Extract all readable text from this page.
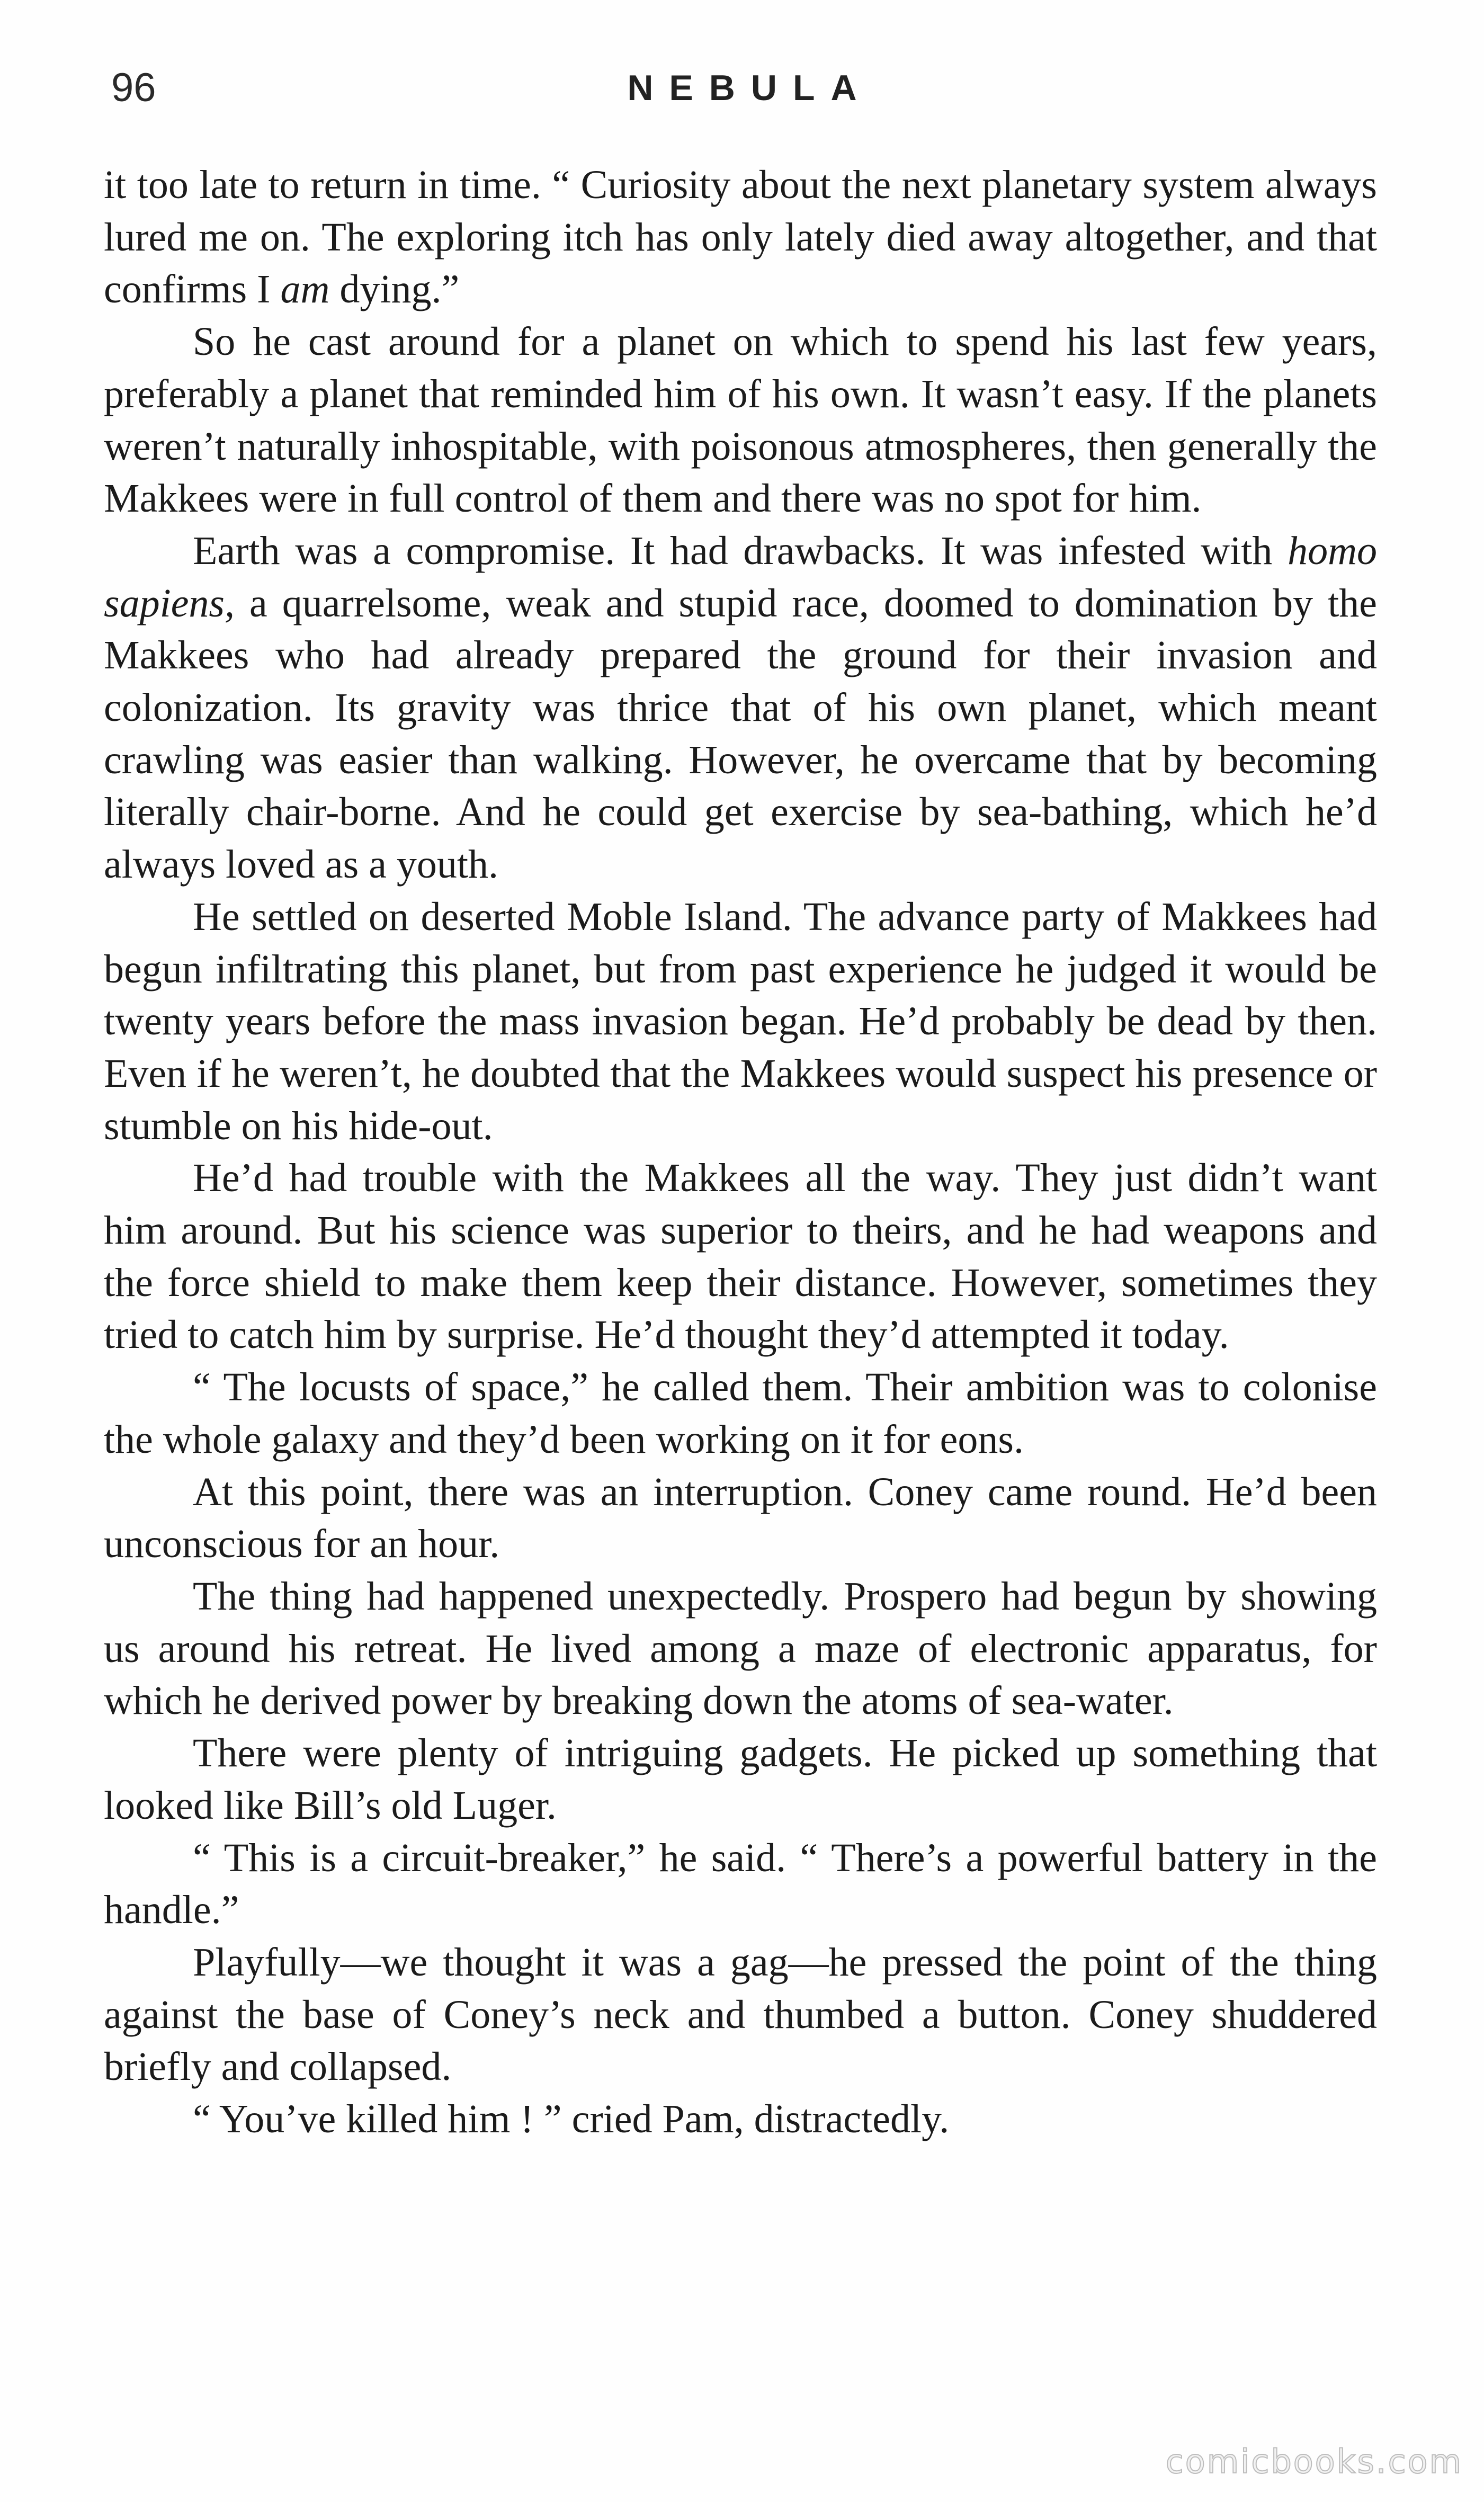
96	NEBULA

it too late to return in time. “ Curiosity about the next planetary system always lured me on. The exploring itch has only lately died away altogether, and that confirms I am dying.”

So he cast around for a planet on which to spend his last few years, preferably a planet that reminded him of his own. It wasn’t easy. If the planets weren’t naturally inhospitable, with poisonous atmospheres, then generally the Makkees were in full control of them and there was no spot for him.

Earth was a compromise. It had drawbacks. It was infested with homo sapiens, a quarrelsome, weak and stupid race, doomed to domination by the Makkees who had already prepared the ground for their invasion and colonization. Its gravity was thrice that of his own planet, which meant crawling was easier than walking. However, he overcame that by becoming literally chair-borne. And he could get exercise by sea-bathing, which he’d always loved as a youth.

He settled on deserted Moble Island. The advance party of Makkees had begun infiltrating this planet, but from past experience he judged it would be twenty years before the mass invasion began. He’d probably be dead by then. Even if he weren’t, he doubted that the Makkees would suspect his presence or stumble on his hide-out.

He’d had trouble with the Makkees all the way. They just didn’t want him around. But his science was superior to theirs, and he had weapons and the force shield to make them keep their distance. However, sometimes they tried to catch him by surprise. He’d thought they’d attempted it today.

“ The locusts of space,” he called them. Their ambition was to colonise the whole galaxy and they’d been working on it for eons.

At this point, there was an interruption. Coney came round. He’d been unconscious for an hour.

The thing had happened unexpectedly. Prospero had begun by showing us around his retreat. He lived among a maze of electronic apparatus, for which he derived power by breaking down the atoms of sea-water.

There were plenty of intriguing gadgets. He picked up something that looked like Bill’s old Luger.

“ This is a circuit-breaker,” he said. “ There’s a powerful battery in the handle.”

Playfully—we thought it was a gag—he pressed the point of the thing against the base of Coney’s neck and thumbed a button. Coney shuddered briefly and collapsed.

“ You’ve killed him ! ” cried Pam, distractedly.

comicbooks.com
